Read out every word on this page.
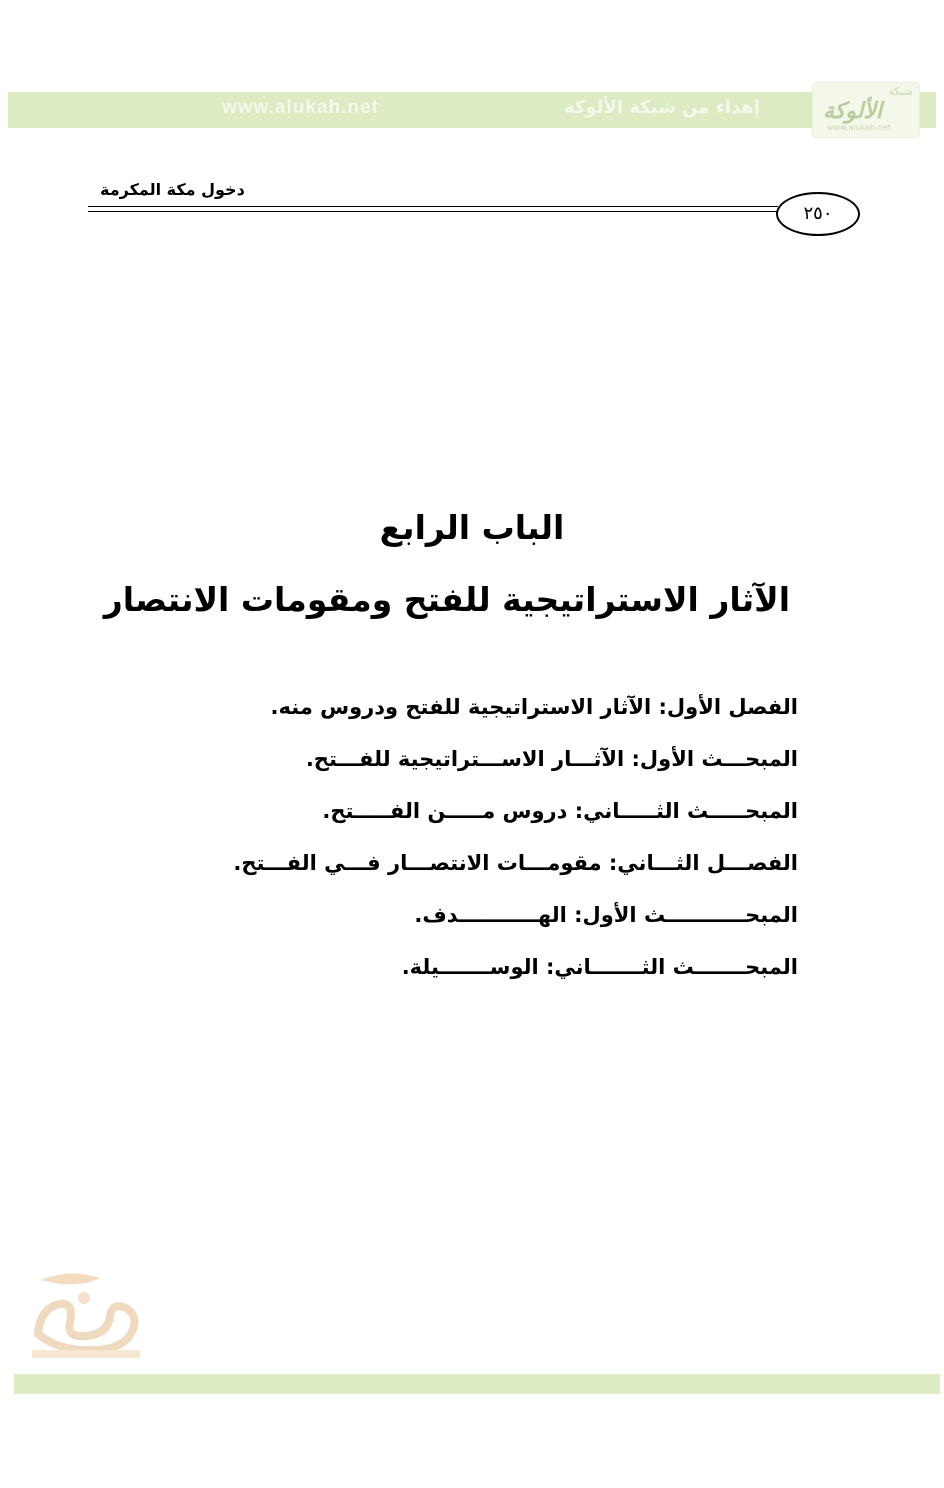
www.alukah.net	إهداء من شبكة الألوكة
شبكة
الألوكة
www.alukah.net
دخول مكة المكرمة
٢٥٠
الباب الرابع
الآثار الاستراتيجية للفتح ومقومات الانتصار
الفصل الأول: الآثار الاستراتيجية للفتح ودروس منه.
المبحـــث الأول: الآثـــار الاســـتراتيجية للفـــتح.
المبحـــــث الثـــــاني: دروس مـــــن الفـــــتح.
الفصـــل الثـــاني: مقومـــات الانتصـــار فـــي الفـــتح.
المبحـــــــــــث الأول: الهـــــــــــدف.
المبحـــــــث الثـــــــاني: الوســـــــيلة.
